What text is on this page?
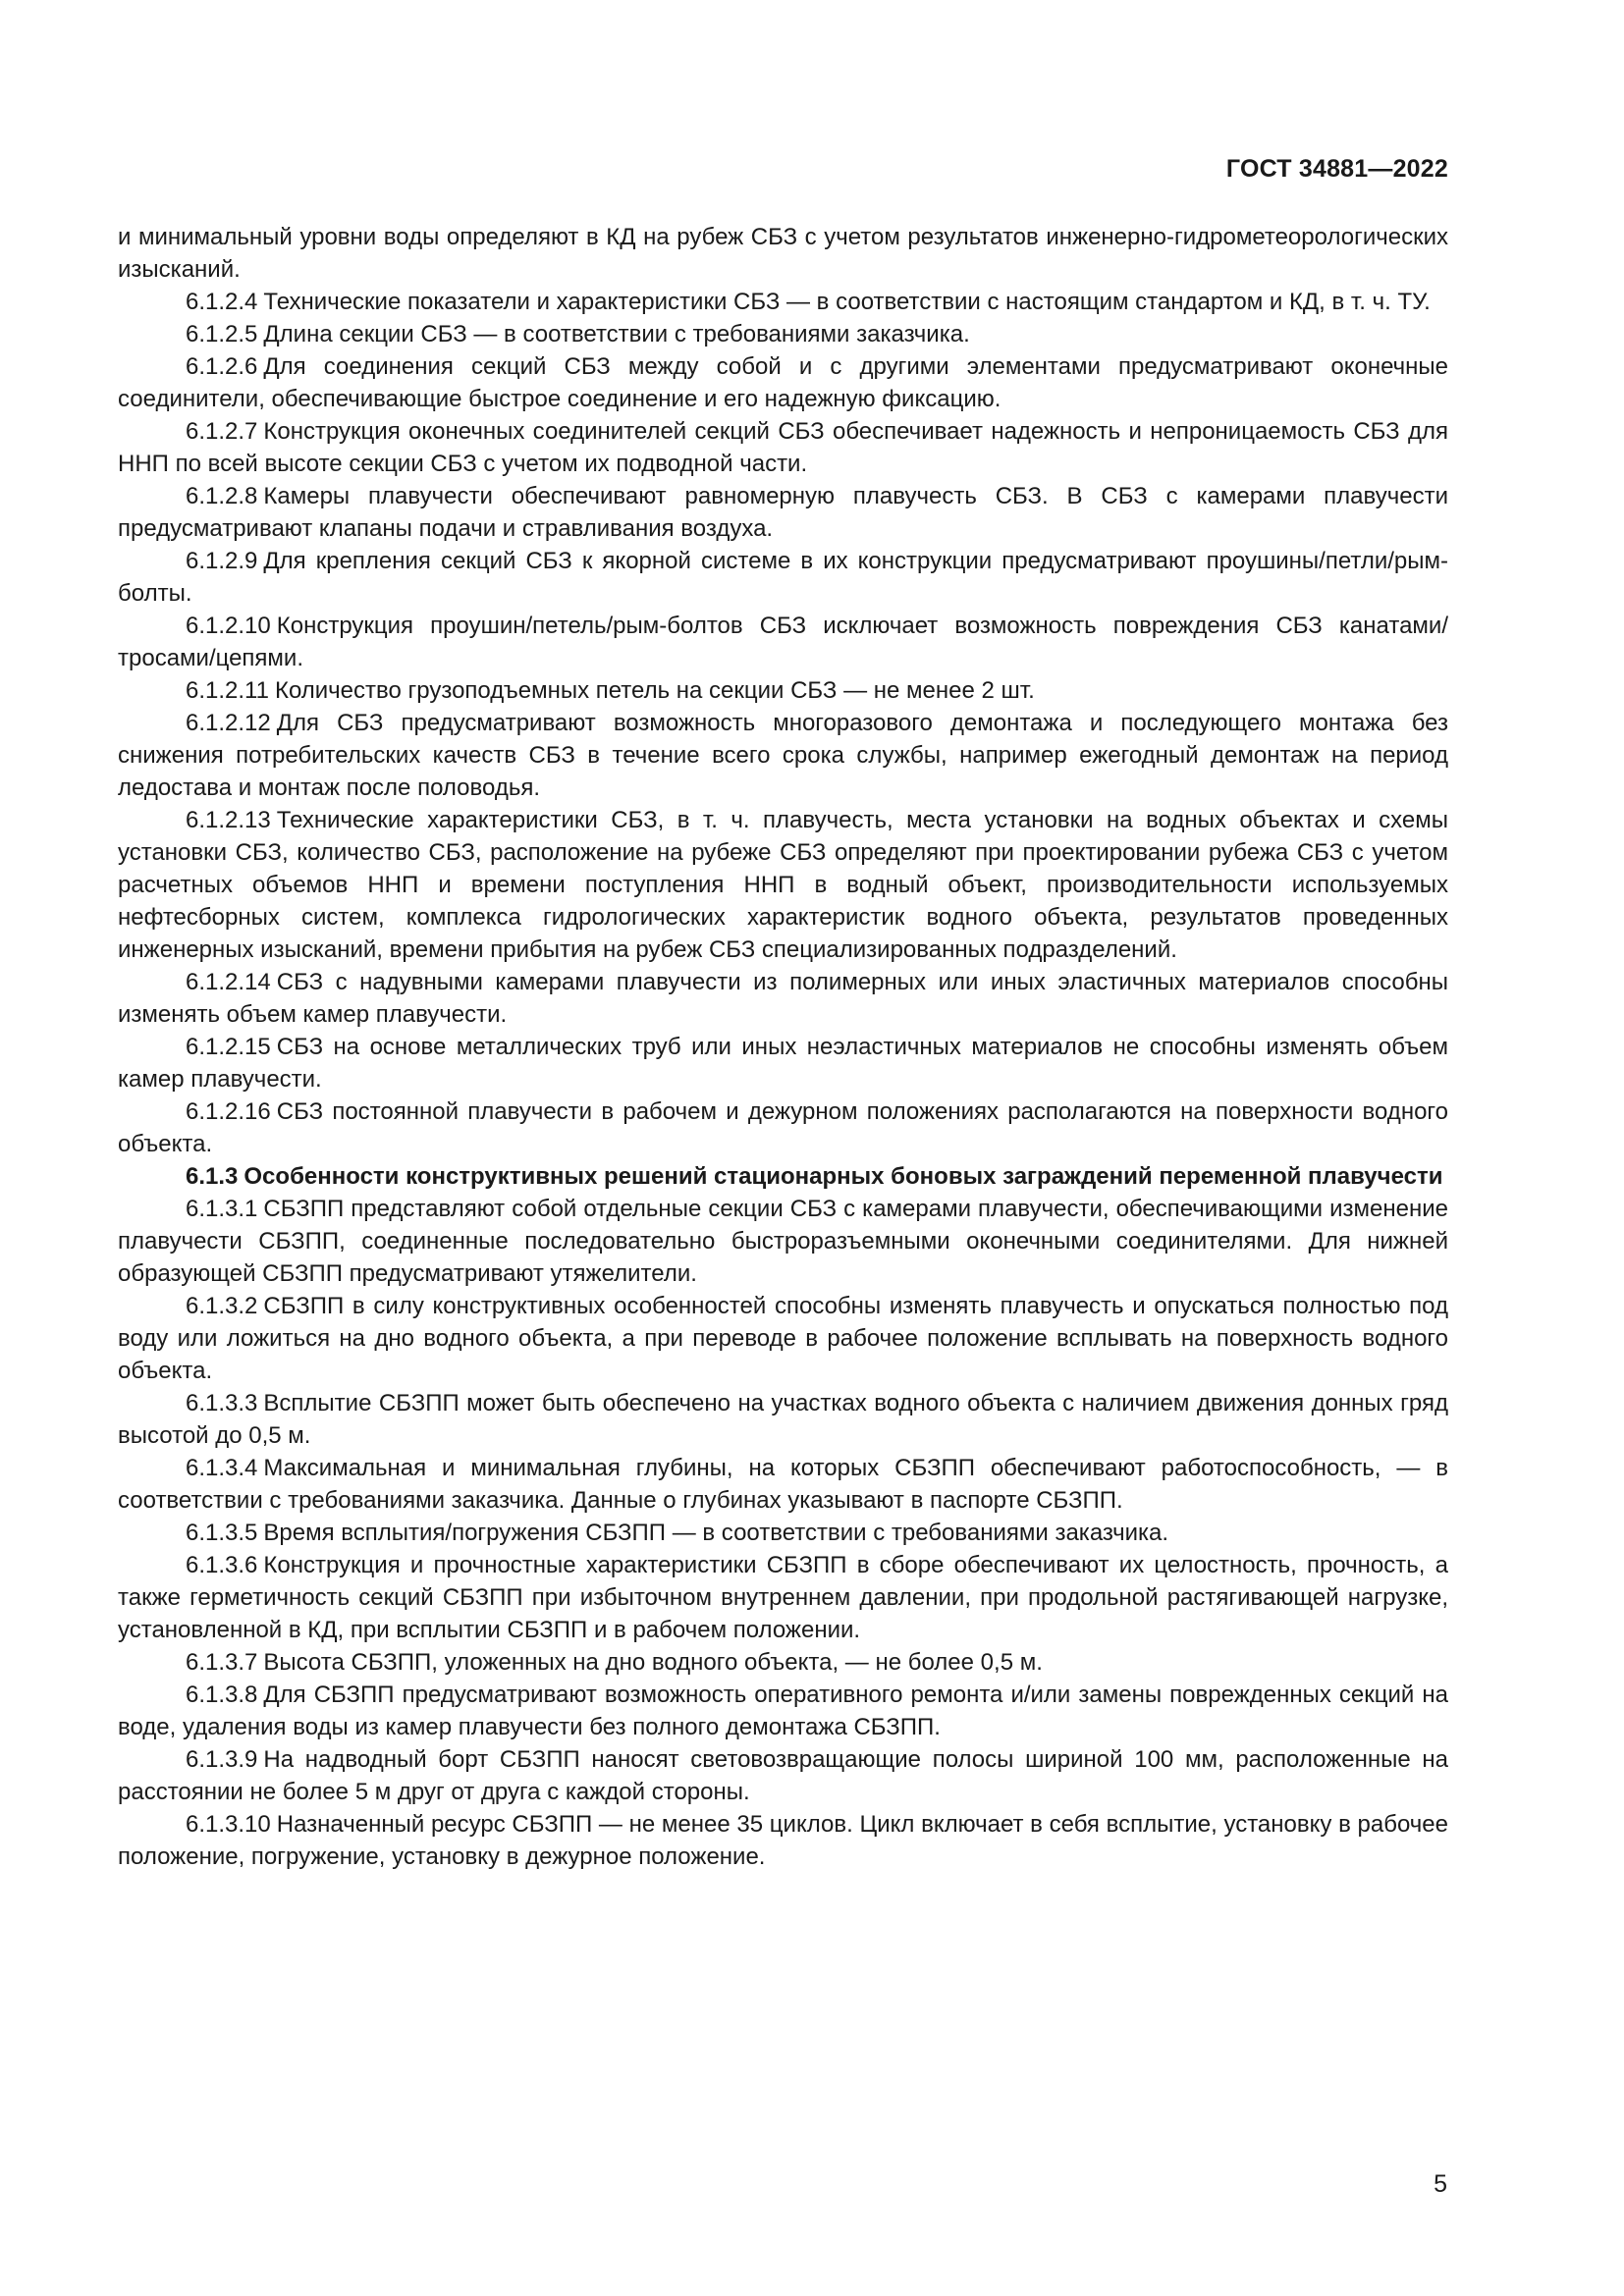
ГОСТ 34881—2022

и минимальный уровни воды определяют в КД на рубеж СБЗ с учетом результатов инженерно-гидрометеорологических изысканий.

6.1.2.4 Технические показатели и характеристики СБЗ — в соответствии с настоящим стандартом и КД, в т. ч. ТУ.

6.1.2.5 Длина секции СБЗ — в соответствии с требованиями заказчика.

6.1.2.6 Для соединения секций СБЗ между собой и с другими элементами предусматривают оконечные соединители, обеспечивающие быстрое соединение и его надежную фиксацию.

6.1.2.7 Конструкция оконечных соединителей секций СБЗ обеспечивает надежность и непроницаемость СБЗ для ННП по всей высоте секции СБЗ с учетом их подводной части.

6.1.2.8 Камеры плавучести обеспечивают равномерную плавучесть СБЗ. В СБЗ с камерами плавучести предусматривают клапаны подачи и стравливания воздуха.

6.1.2.9 Для крепления секций СБЗ к якорной системе в их конструкции предусматривают проушины/петли/рым-болты.

6.1.2.10 Конструкция проушин/петель/рым-болтов СБЗ исключает возможность повреждения СБЗ канатами/тросами/цепями.

6.1.2.11 Количество грузоподъемных петель на секции СБЗ — не менее 2 шт.

6.1.2.12 Для СБЗ предусматривают возможность многоразового демонтажа и последующего монтажа без снижения потребительских качеств СБЗ в течение всего срока службы, например ежегодный демонтаж на период ледостава и монтаж после половодья.

6.1.2.13 Технические характеристики СБЗ, в т. ч. плавучесть, места установки на водных объектах и схемы установки СБЗ, количество СБЗ, расположение на рубеже СБЗ определяют при проектировании рубежа СБЗ с учетом расчетных объемов ННП и времени поступления ННП в водный объект, производительности используемых нефтесборных систем, комплекса гидрологических характеристик водного объекта, результатов проведенных инженерных изысканий, времени прибытия на рубеж СБЗ специализированных подразделений.

6.1.2.14 СБЗ с надувными камерами плавучести из полимерных или иных эластичных материалов способны изменять объем камер плавучести.

6.1.2.15 СБЗ на основе металлических труб или иных неэластичных материалов не способны изменять объем камер плавучести.

6.1.2.16 СБЗ постоянной плавучести в рабочем и дежурном положениях располагаются на поверхности водного объекта.

6.1.3 Особенности конструктивных решений стационарных боновых заграждений переменной плавучести

6.1.3.1 СБЗПП представляют собой отдельные секции СБЗ с камерами плавучести, обеспечивающими изменение плавучести СБЗПП, соединенные последовательно быстроразъемными оконечными соединителями. Для нижней образующей СБЗПП предусматривают утяжелители.

6.1.3.2 СБЗПП в силу конструктивных особенностей способны изменять плавучесть и опускаться полностью под воду или ложиться на дно водного объекта, а при переводе в рабочее положение всплывать на поверхность водного объекта.

6.1.3.3 Всплытие СБЗПП может быть обеспечено на участках водного объекта с наличием движения донных гряд высотой до 0,5 м.

6.1.3.4 Максимальная и минимальная глубины, на которых СБЗПП обеспечивают работоспособность, — в соответствии с требованиями заказчика. Данные о глубинах указывают в паспорте СБЗПП.

6.1.3.5 Время всплытия/погружения СБЗПП — в соответствии с требованиями заказчика.

6.1.3.6 Конструкция и прочностные характеристики СБЗПП в сборе обеспечивают их целостность, прочность, а также герметичность секций СБЗПП при избыточном внутреннем давлении, при продольной растягивающей нагрузке, установленной в КД, при всплытии СБЗПП и в рабочем положении.

6.1.3.7 Высота СБЗПП, уложенных на дно водного объекта, — не более 0,5 м.

6.1.3.8 Для СБЗПП предусматривают возможность оперативного ремонта и/или замены поврежденных секций на воде, удаления воды из камер плавучести без полного демонтажа СБЗПП.

6.1.3.9 На надводный борт СБЗПП наносят световозвращающие полосы шириной 100 мм, расположенные на расстоянии не более 5 м друг от друга с каждой стороны.

6.1.3.10 Назначенный ресурс СБЗПП — не менее 35 циклов. Цикл включает в себя всплытие, установку в рабочее положение, погружение, установку в дежурное положение.

5
